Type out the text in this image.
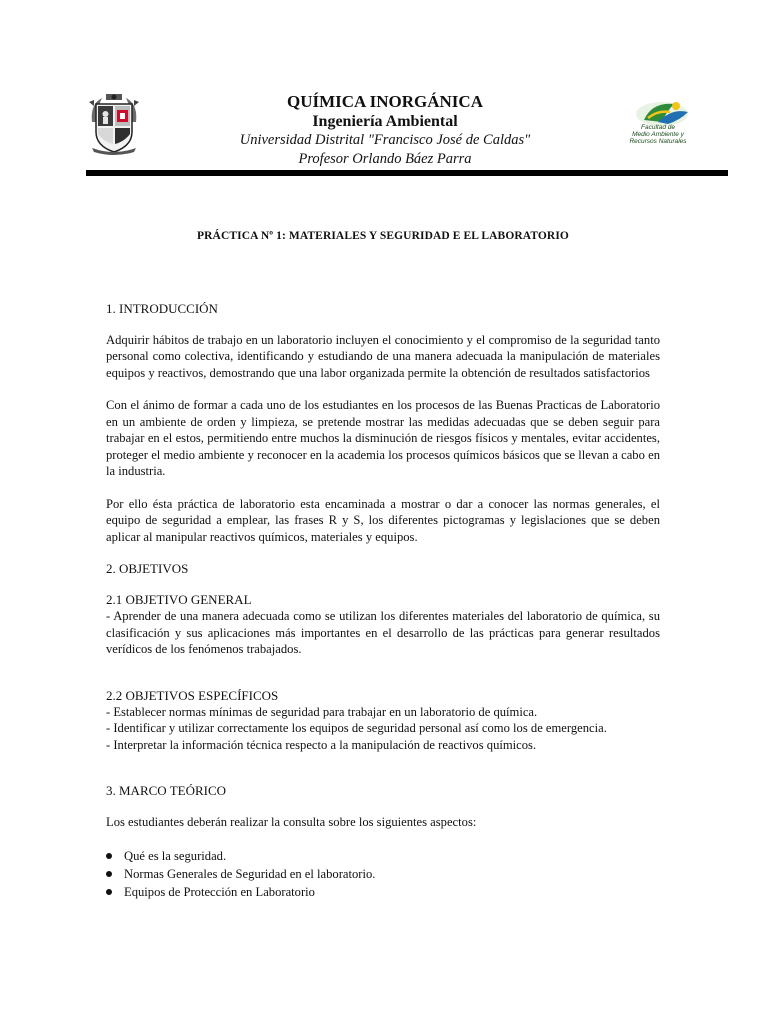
QUÍMICA INORGÁNICA
Ingeniería Ambiental
Universidad Distrital "Francisco José de Caldas"
Profesor Orlando Báez Parra
Facultad de
Medio Ambiente y
Recursos Naturales

PRÁCTICA Nº 1: MATERIALES Y SEGURIDAD E EL LABORATORIO

1. INTRODUCCIÓN

Adquirir hábitos de trabajo en un laboratorio incluyen el conocimiento y el compromiso de la seguridad tanto personal como colectiva, identificando y estudiando de una manera adecuada la manipulación de materiales equipos y reactivos, demostrando que una labor organizada permite la obtención de resultados satisfactorios

Con el ánimo de formar a cada uno de los estudiantes en los procesos de las Buenas Practicas de Laboratorio en un ambiente de orden y limpieza, se pretende mostrar las medidas adecuadas que se deben seguir para trabajar en el estos, permitiendo entre muchos la disminución de riesgos físicos y mentales, evitar accidentes, proteger el medio ambiente y reconocer en la academia los procesos químicos básicos que se llevan a cabo en la industria.

Por ello ésta práctica de laboratorio esta encaminada a mostrar o dar a conocer las normas generales, el equipo de seguridad a emplear, las frases R y S, los diferentes pictogramas y legislaciones que se deben aplicar al manipular reactivos químicos, materiales y equipos.

2. OBJETIVOS

2.1 OBJETIVO GENERAL

- Aprender de una manera adecuada como se utilizan los diferentes materiales del laboratorio de química, su clasificación y sus aplicaciones más importantes en el desarrollo de las prácticas para generar resultados verídicos de los fenómenos trabajados.

2.2 OBJETIVOS ESPECÍFICOS

- Establecer normas mínimas de seguridad para trabajar en un laboratorio de química.
- Identificar y utilizar correctamente los equipos de seguridad personal así como los de emergencia.
- Interpretar la información técnica respecto a la manipulación de reactivos químicos.

3. MARCO TEÓRICO

Los estudiantes deberán realizar la consulta sobre los siguientes aspectos:

Qué es la seguridad.
Normas Generales de Seguridad en el laboratorio.
Equipos de Protección en Laboratorio
